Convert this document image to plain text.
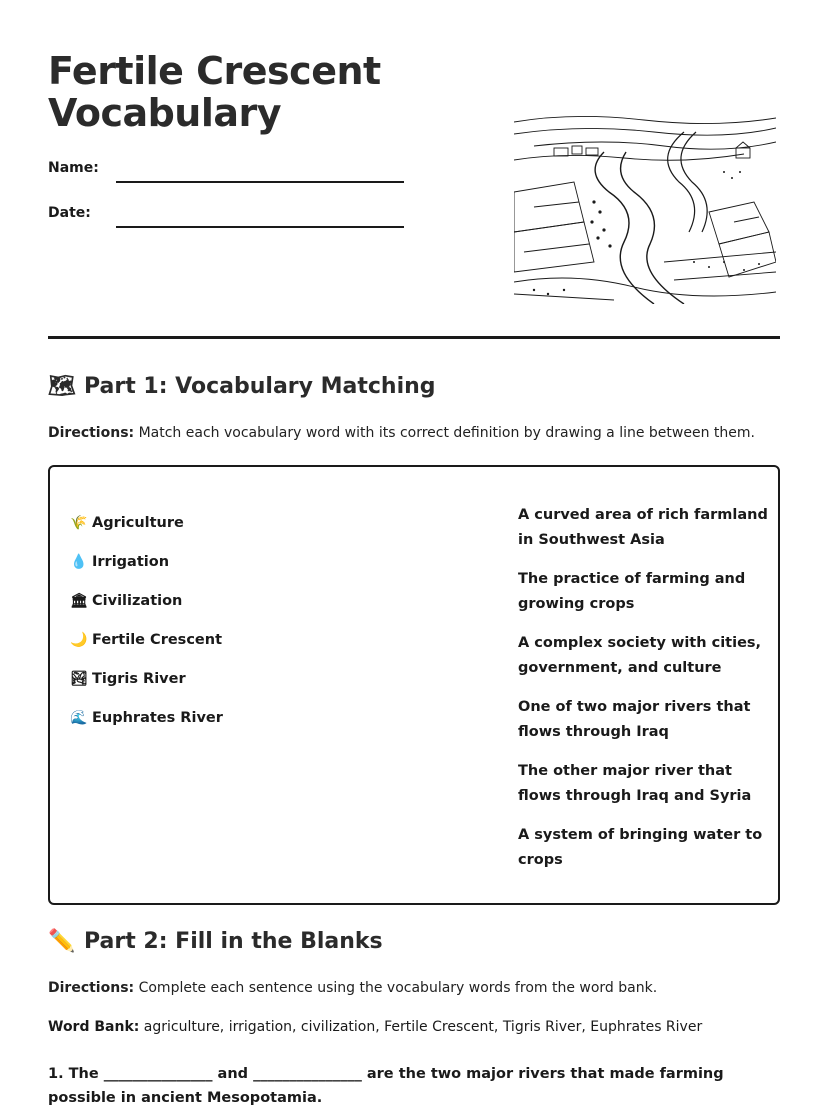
Fertile Crescent
Vocabulary
Name:
Date:
🗺 Part 1: Vocabulary Matching
Directions: Match each vocabulary word with its correct definition by drawing a line between them.
🌾 Agriculture
💧 Irrigation
🏛 Civilization
🌙 Fertile Crescent
🏞 Tigris River
🌊 Euphrates River
A curved area of rich farmland in Southwest Asia
The practice of farming and growing crops
A complex society with cities, government, and culture
One of two major rivers that flows through Iraq
The other major river that flows through Iraq and Syria
A system of bringing water to crops
✏️ Part 2: Fill in the Blanks
Directions: Complete each sentence using the vocabulary words from the word bank.
Word Bank: agriculture, irrigation, civilization, Fertile Crescent, Tigris River, Euphrates River
1. The _______________ and _______________ are the two major rivers that made farming possible in ancient Mesopotamia.
